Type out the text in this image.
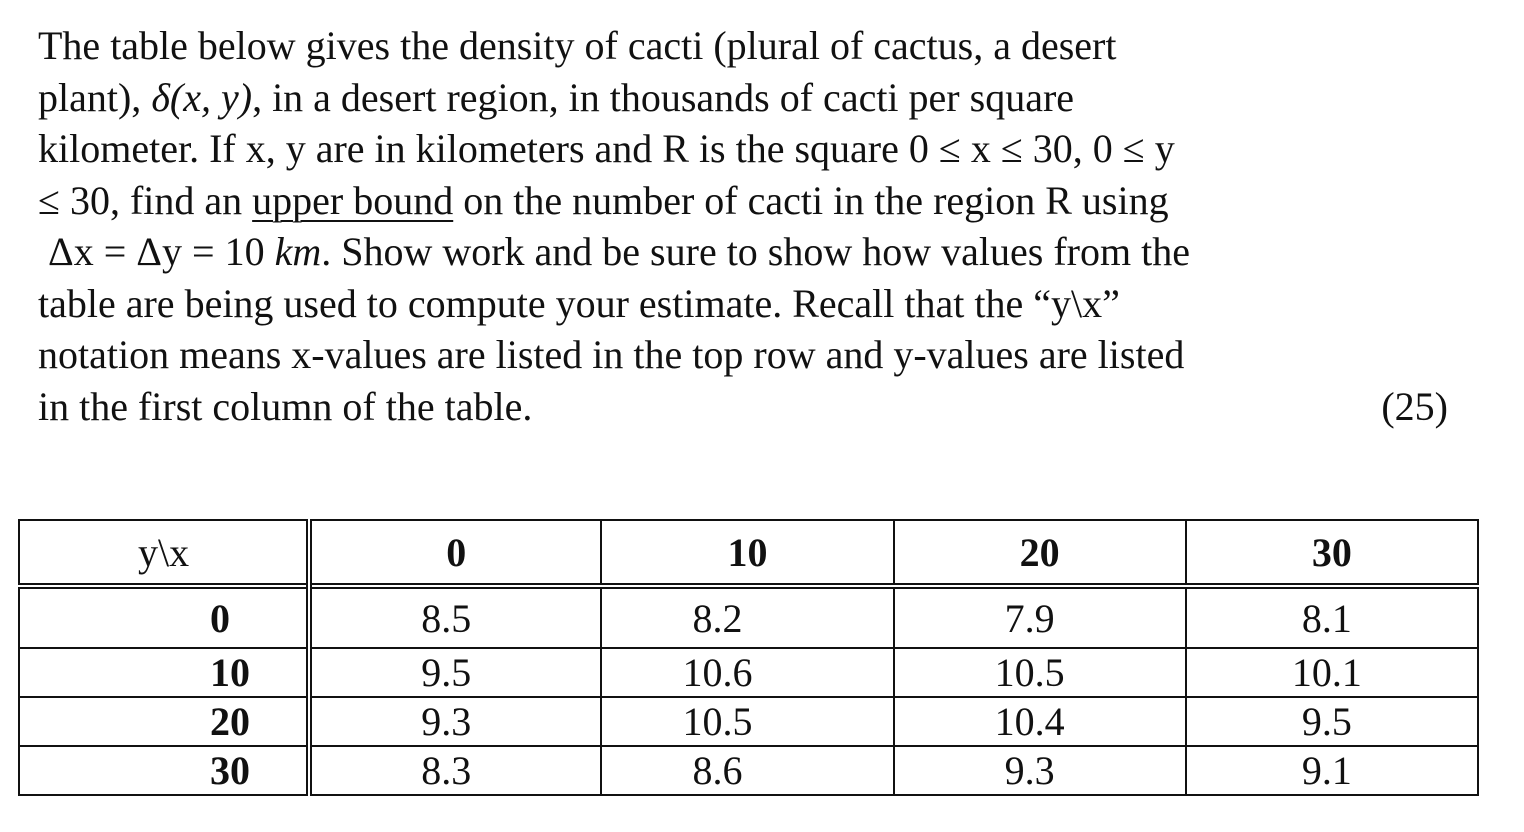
The table below gives the density of cacti (plural of cactus, a desert
plant), δ(x, y), in a desert region, in thousands of cacti per square
kilometer. If x, y are in kilometers and R is the square 0 ≤ x ≤ 30, 0 ≤ y
≤ 30, find an upper bound on the number of cacti in the region R using
Δx = Δy = 10 km. Show work and be sure to show how values from the
table are being used to compute your estimate. Recall that the “y\x”
notation means x-values are listed in the top row and y-values are listed
in the first column of the table.	(25)
y\x	0	10	20	30
0	8.5	8.2	7.9	8.1
10	9.5	10.6	10.5	10.1
20	9.3	10.5	10.4	9.5
30	8.3	8.6	9.3	9.1
